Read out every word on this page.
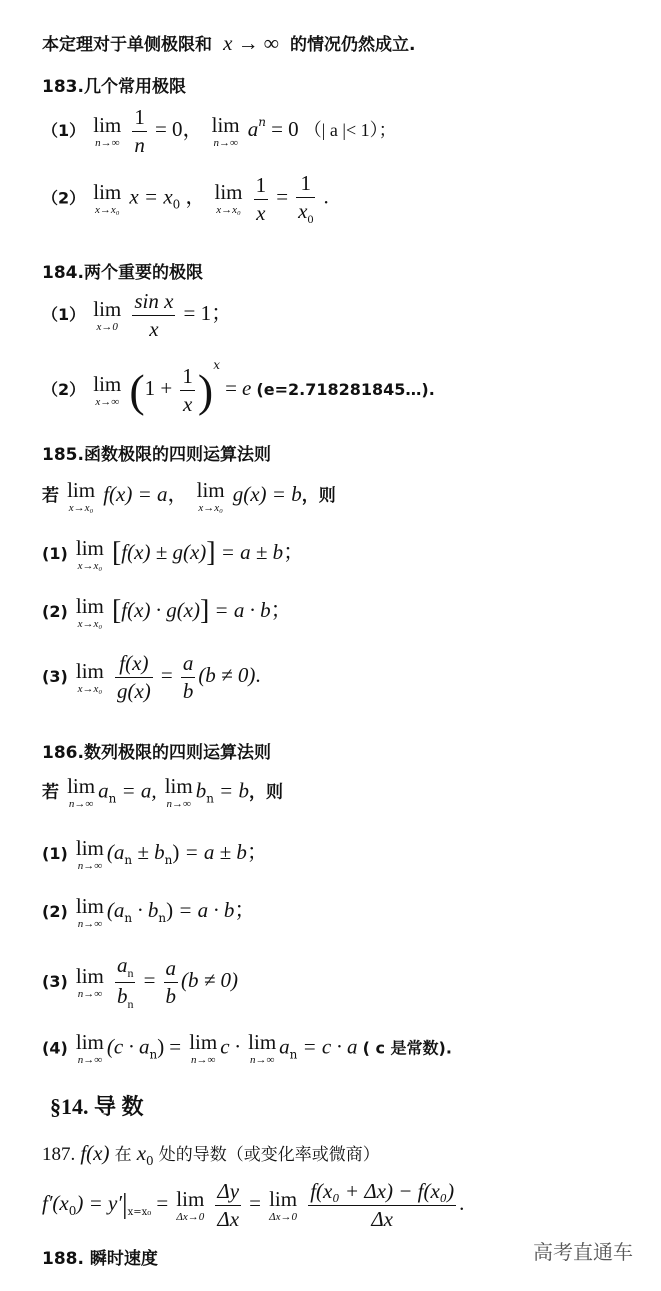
本定理对于单侧极限和 x → ∞ 的情况仍然成立.
183.几个常用极限
（1） lim
n→∞
$\frac{1}{n} = 0$， lim
n→∞
$a^n = 0$ （| a |< 1）；
（2） lim
x→x₀
$x = x_0$ ， lim
x→x₀
$\frac{1}{x} = \frac{1}{x_0}$ .
184.两个重要的极限
（1） lim
x→0
$\frac{\text{sin x}}{x} = 1$；
（2） lim
x→∞ $(1 + \frac{1}{x} )^x = e$ (e=2.718281845…).
185.函数极限的四则运算法则
若 lim
x→x₀
f(x) = a， lim
x→x₀
g(x) = b，则
(1) lim
x→x₀ [f(x) ± g(x)] = a ± b；
(2) lim
x→x₀ [f(x) · g(x)] = a · b；
(3) lim
x→x₀
$\frac{f(x)}{g(x)} = \frac{a}{b} (b \ne 0)$.
186.数列极限的四则运算法则
若 lim
n→∞
$a_n = a$, lim
n→∞
$b_n = b$，则
(1) lim
n→∞
$(a_n \pm b_n) = a \pm b$；
(2) lim
n→∞
$(a_n \cdot b_n) = a \cdot b$；
(3) lim
n→∞
$\frac{a_n}{b_n} = \frac{a}{b} (b \ne 0)$
(4) lim
n→∞
$(c \cdot a_n) = \lim$
n→∞
c · lim
n→∞
$a_n = c \cdot a$ ( c 是常数).
§14. 导 数
187. f(x) 在 $x_0$ 处的导数（或变化率或微商）
$f'(x_0) = y'|_{x=x_0} = \lim$
Δx→0
$\frac{\Delta y}{\Delta x} = \lim$
Δx→0
$\frac{\text{f(x₀ + Δx) − f(x₀)}}{\Delta x}$ .
188. 瞬时速度	高考直通车
